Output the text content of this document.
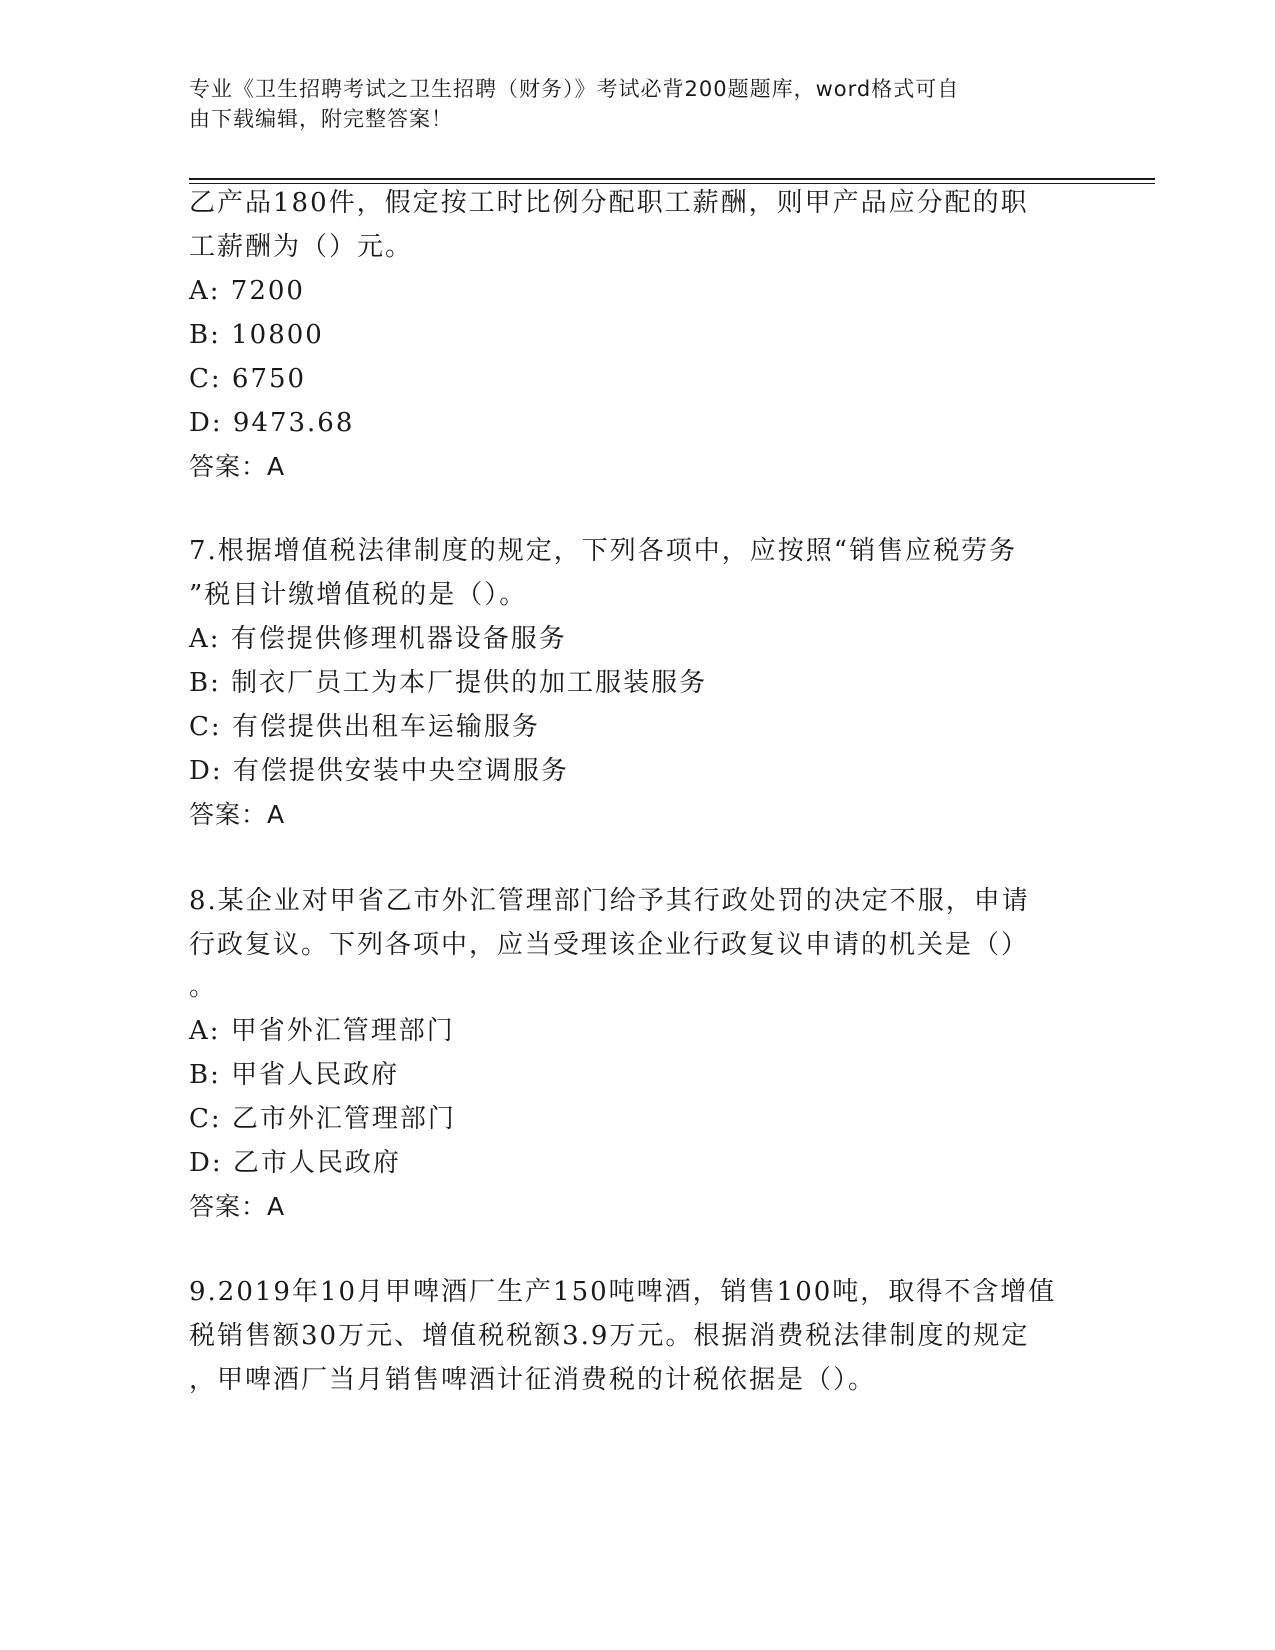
专业《卫生招聘考试之卫生招聘（财务）》考试必背200题题库，word格式可自
由下载编辑，附完整答案！
乙产品180件，假定按工时比例分配职工薪酬，则甲产品应分配的职
工薪酬为（）元。
A: 7200
B: 10800
C: 6750
D: 9473.68
答案：A
7.根据增值税法律制度的规定，下列各项中，应按照“销售应税劳务
”税目计缴增值税的是（）。
A: 有偿提供修理机器设备服务
B: 制衣厂员工为本厂提供的加工服装服务
C: 有偿提供出租车运输服务
D: 有偿提供安装中央空调服务
答案：A
8.某企业对甲省乙市外汇管理部门给予其行政处罚的决定不服，申请
行政复议。下列各项中，应当受理该企业行政复议申请的机关是（）
。
A: 甲省外汇管理部门
B: 甲省人民政府
C: 乙市外汇管理部门
D: 乙市人民政府
答案：A
9.2019年10月甲啤酒厂生产150吨啤酒，销售100吨，取得不含增值
税销售额30万元、增值税税额3.9万元。根据消费税法律制度的规定
，甲啤酒厂当月销售啤酒计征消费税的计税依据是（）。
